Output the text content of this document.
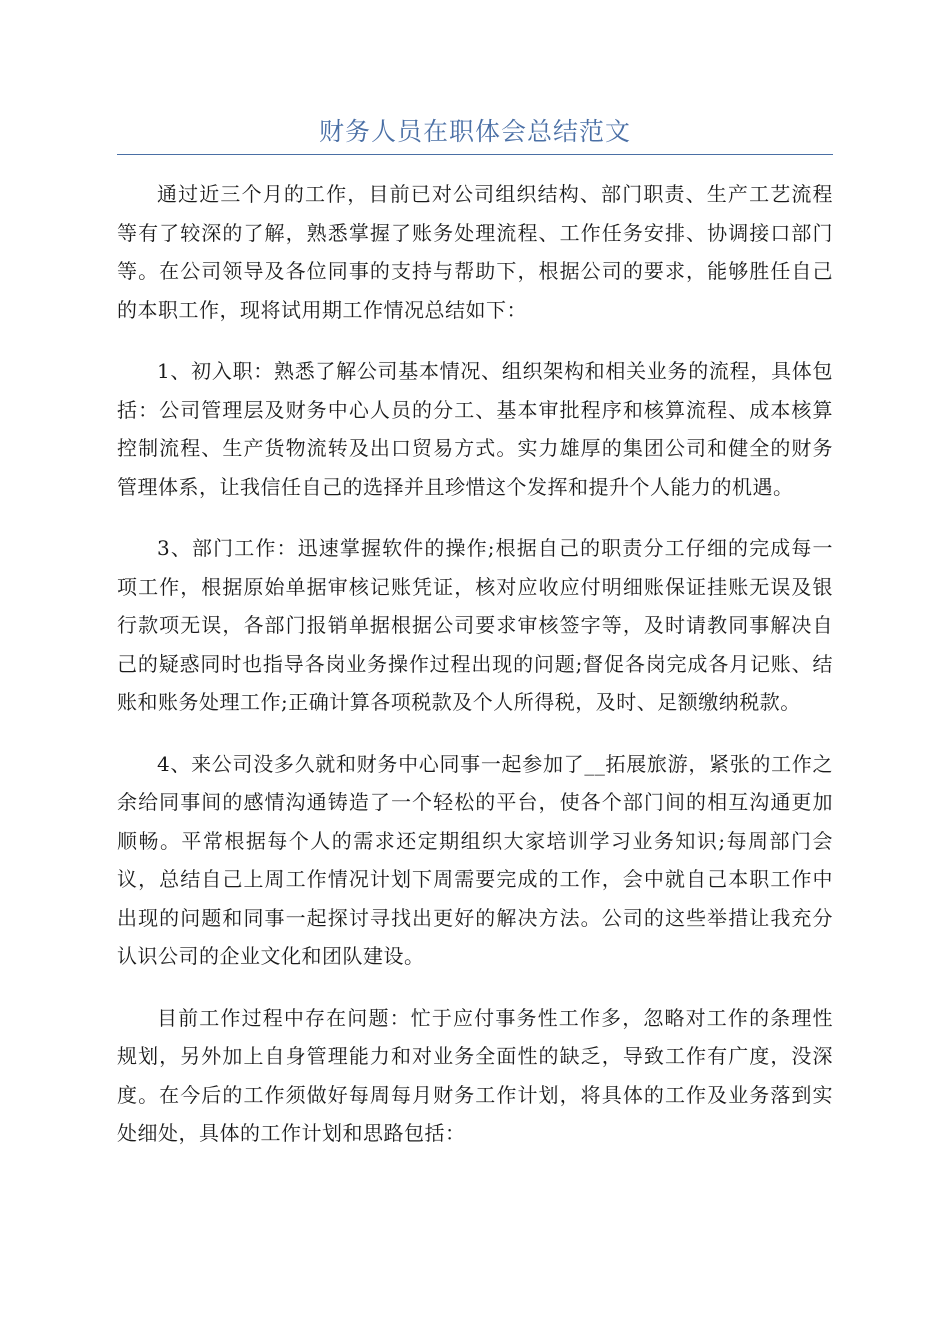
财务人员在职体会总结范文

通过近三个月的工作，目前已对公司组织结构、部门职责、生产工艺流程等有了较深的了解，熟悉掌握了账务处理流程、工作任务安排、协调接口部门等。在公司领导及各位同事的支持与帮助下，根据公司的要求，能够胜任自己的本职工作，现将试用期工作情况总结如下：

1、初入职：熟悉了解公司基本情况、组织架构和相关业务的流程，具体包括：公司管理层及财务中心人员的分工、基本审批程序和核算流程、成本核算控制流程、生产货物流转及出口贸易方式。实力雄厚的集团公司和健全的财务管理体系，让我信任自己的选择并且珍惜这个发挥和提升个人能力的机遇。

3、部门工作：迅速掌握软件的操作;根据自己的职责分工仔细的完成每一项工作，根据原始单据审核记账凭证，核对应收应付明细账保证挂账无误及银行款项无误，各部门报销单据根据公司要求审核签字等，及时请教同事解决自己的疑惑同时也指导各岗业务操作过程出现的问题;督促各岗完成各月记账、结账和账务处理工作;正确计算各项税款及个人所得税，及时、足额缴纳税款。

4、来公司没多久就和财务中心同事一起参加了__拓展旅游，紧张的工作之余给同事间的感情沟通铸造了一个轻松的平台，使各个部门间的相互沟通更加顺畅。平常根据每个人的需求还定期组织大家培训学习业务知识;每周部门会议，总结自己上周工作情况计划下周需要完成的工作，会中就自己本职工作中出现的问题和同事一起探讨寻找出更好的解决方法。公司的这些举措让我充分认识公司的企业文化和团队建设。

目前工作过程中存在问题：忙于应付事务性工作多，忽略对工作的条理性规划，另外加上自身管理能力和对业务全面性的缺乏，导致工作有广度，没深度。在今后的工作须做好每周每月财务工作计划，将具体的工作及业务落到实处细处，具体的工作计划和思路包括：
